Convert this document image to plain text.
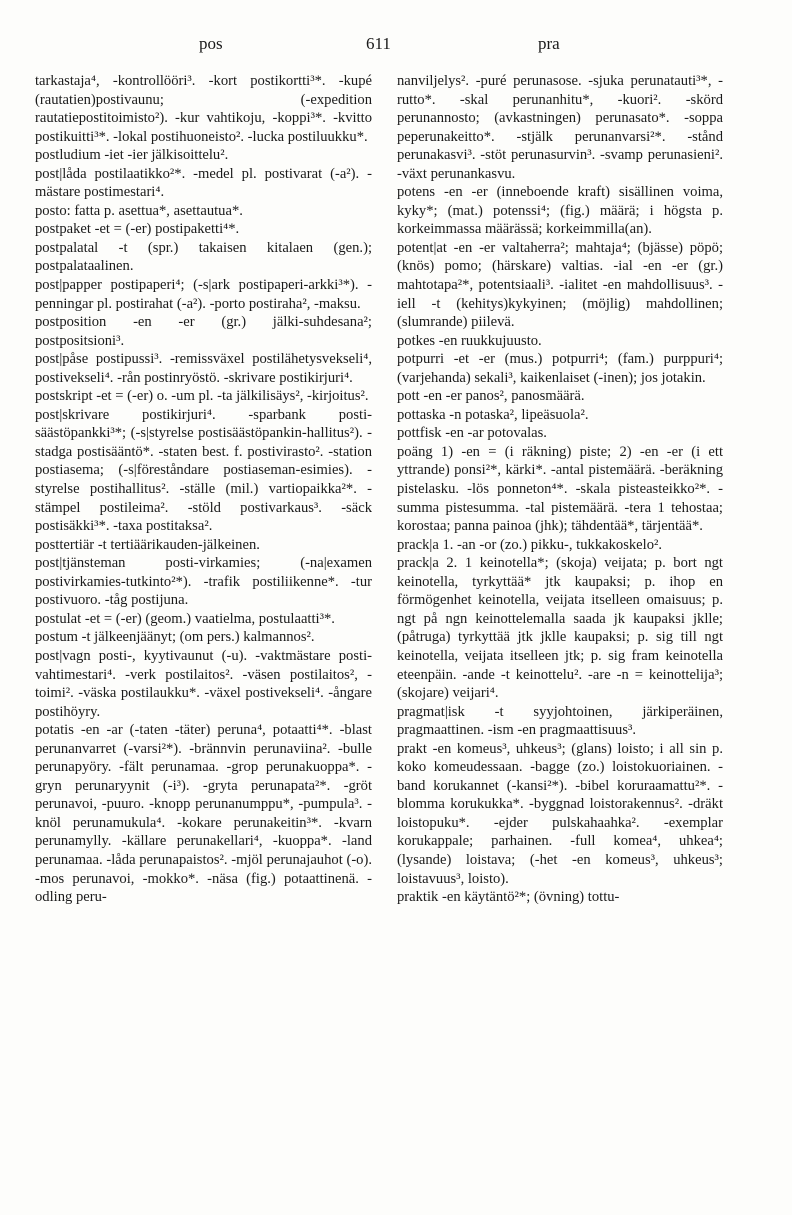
pos	611	pra

tarkastaja⁴, -kontrollööri³. -kort postikortti³*. -kupé (rautatien)postivaunu; (-expedition rautatiepostitoimisto²). -kur vahtikoju, -koppi³*. -kvitto postikuitti³*. -lokal postihuoneisto². -lucka postiluukku*.

postludium -iet -ier jälkisoittelu².

post|låda postilaatikko²*. -medel pl. postivarat (-a²). -mästare postimestari⁴.

posto: fatta p. asettua*, asettautua*.

postpaket -et = (-er) postipaketti⁴*.

postpalatal -t (spr.) takaisen kitalaen (gen.); postpalataalinen.

post|papper postipaperi⁴; (-s|ark postipaperi-arkki³*). -penningar pl. postirahat (-a²). -porto postiraha², -maksu.

postposition -en -er (gr.) jälki-suhdesana²; postpositsioni³.

post|påse postipussi³. -remissväxel postilähetysvekseli⁴, postivekseli⁴. -rån postinryöstö. -skrivare postikirjuri⁴.

postskript -et = (-er) o. -um pl. -ta jälkilisäys², -kirjoitus².

post|skrivare postikirjuri⁴. -sparbank posti-säästöpankki³*; (-s|styrelse postisäästöpankin-hallitus²). -stadga postisääntö*. -staten best. f. postivirasto². -station postiasema; (-s|föreståndare postiaseman-esimies). -styrelse postihallitus². -ställe (mil.) vartiopaikka²*. -stämpel postileima². -stöld postivarkaus³. -säck postisäkki³*. -taxa postitaksa².

posttertiär -t tertiäärikauden-jälkeinen.

post|tjänsteman posti-virkamies; (-na|examen postivirkamies-tutkinto²*). -trafik postiliikenne*. -tur postivuoro. -tåg postijuna.

postulat -et = (-er) (geom.) vaatielma, postulaatti³*.

postum -t jälkeenjäänyt; (om pers.) kalmannos².

post|vagn posti-, kyytivaunut (-u). -vaktmästare posti-vahtimestari⁴. -verk postilaitos². -väsen postilaitos², -toimi². -väska postilaukku*. -växel postivekseli⁴. -ångare postihöyry.

potatis -en -ar (-taten -täter) peruna⁴, potaatti⁴*. -blast perunanvarret (-varsi²*). -brännvin perunaviina². -bulle perunapyöry. -fält perunamaa. -grop perunakuoppa*. -gryn perunaryynit (-i³). -gryta perunapata²*. -gröt perunavoi, -puuro. -knopp perunanumppu*, -pumpula³. -knöl perunamukula⁴. -kokare perunakeitin³*. -kvarn perunamylly. -källare perunakellari⁴, -kuoppa*. -land perunamaa. -låda perunapaistos². -mjöl perunajauhot (-o). -mos perunavoi, -mokko*. -näsa (fig.) potaattinenä. -odling peru-

nanviljelys². -puré perunasose. -sjuka perunatauti³*, -rutto*. -skal perunanhitu*, -kuori². -skörd perunannosto; (avkastningen) perunasato*. -soppa peperunakeitto*. -stjälk perunanvarsi²*. -stånd perunakasvi³. -stöt perunasurvin³. -svamp perunasieni². -växt perunankasvu.

potens -en -er (inneboende kraft) sisällinen voima, kyky*; (mat.) potenssi⁴; (fig.) määrä; i högsta p. korkeimmassa määrässä; korkeimmilla(an).

potent|at -en -er valtaherra²; mahtaja⁴; (bjässe) pöpö; (knös) pomo; (härskare) valtias. -ial -en -er (gr.) mahtotapa²*, potentsiaali³. -ialitet -en mahdollisuus³. -iell -t (kehitys)kykyinen; (möjlig) mahdollinen; (slumrande) piilevä.

potkes -en ruukkujuusto.

potpurri -et -er (mus.) potpurri⁴; (fam.) purppuri⁴; (varjehanda) sekali³, kaikenlaiset (-inen); jos jotakin.

pott -en -er panos², panosmäärä.

pottaska -n potaska², lipeäsuola².

pottfisk -en -ar potovalas.

poäng 1) -en = (i räkning) piste; 2) -en -er (i ett yttrande) ponsi²*, kärki*. -antal pistemäärä. -beräkning pistelasku. -lös ponneton⁴*. -skala pisteasteikko²*. -summa pistesumma. -tal pistemäärä. -tera 1 tehostaa; korostaa; panna painoa (jhk); tähdentää*, tärjentää*.

prack|a 1. -an -or (zo.) pikku-, tukkakoskelo².

prack|a 2. 1 keinotella*; (skoja) veijata; p. bort ngt keinotella, tyrkyttää* jtk kaupaksi; p. ihop en förmögenhet keinotella, veijata itselleen omaisuus; p. ngt på ngn keinottelemalla saada jk kaupaksi jklle; (påtruga) tyrkyttää jtk jklle kaupaksi; p. sig till ngt keinotella, veijata itselleen jtk; p. sig fram keinotella eteenpäin. -ande -t keinottelu². -are -n = keinottelija³; (skojare) veijari⁴.

pragmat|isk -t syyjohtoinen, järkiperäinen, pragmaattinen. -ism -en pragmaattisuus³.

prakt -en komeus³, uhkeus³; (glans) loisto; i all sin p. koko komeudessaan. -bagge (zo.) loistokuoriainen. -band korukannet (-kansi²*). -bibel koruraamattu²*. -blomma korukukka*. -byggnad loistorakennus². -dräkt loistopuku*. -ejder pulskahaahka². -exemplar korukappale; parhainen. -full komea⁴, uhkea⁴; (lysande) loistava; (-het -en komeus³, uhkeus³; loistavuus³, loisto).

praktik -en käytäntö²*; (övning) tottu-
